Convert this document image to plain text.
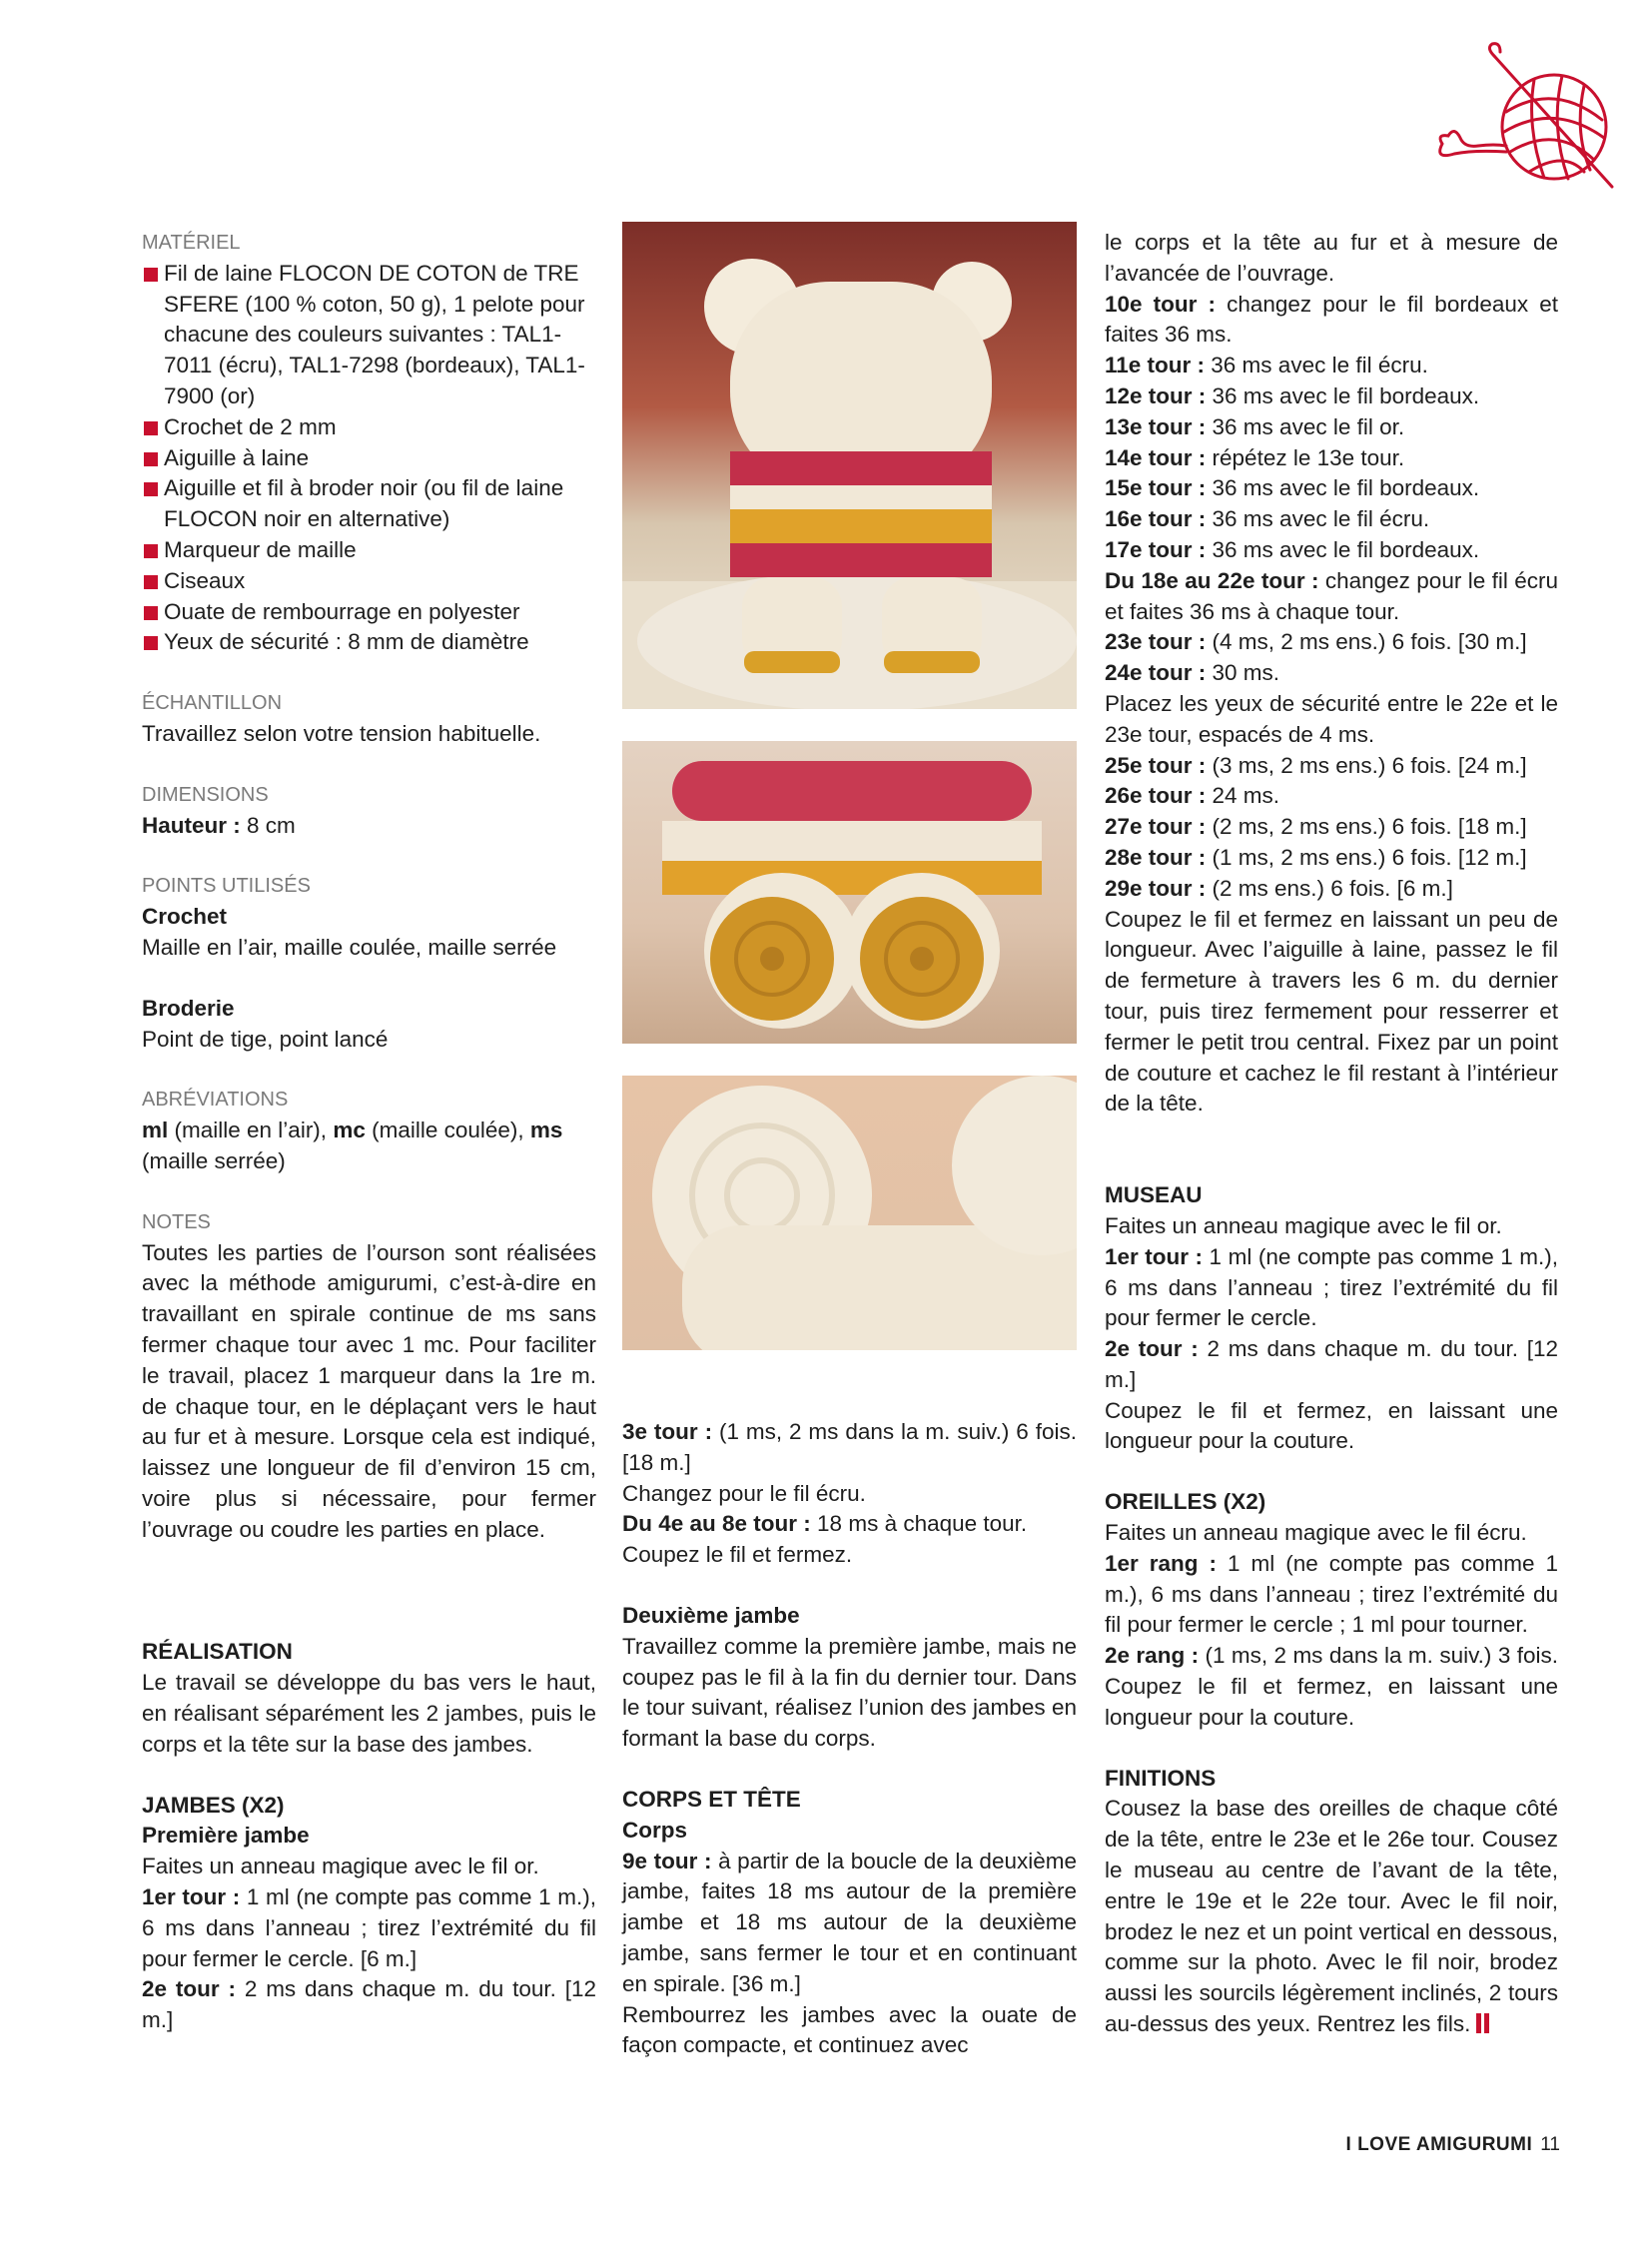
MATÉRIEL

Fil de laine FLOCON DE COTON de TRE SFERE (100 % coton, 50 g), 1 pelote pour chacune des couleurs suivantes : TAL1-7011 (écru), TAL1-7298 (bordeaux), TAL1-7900 (or)

Crochet de 2 mm

Aiguille à laine

Aiguille et fil à broder noir (ou fil de laine FLOCON noir en alternative)

Marqueur de maille

Ciseaux

Ouate de rembourrage en polyester

Yeux de sécurité : 8 mm de diamètre

ÉCHANTILLON

Travaillez selon votre tension habituelle.

DIMENSIONS

Hauteur : 8 cm

POINTS UTILISÉS

Crochet

Maille en l’air, maille coulée, maille serrée

Broderie

Point de tige, point lancé

ABRÉVIATIONS

ml (maille en l’air), mc (maille coulée), ms (maille serrée)

NOTES

Toutes les parties de l’ourson sont réalisées avec la méthode amigurumi, c’est-à-dire en travaillant en spirale continue de ms sans fermer chaque tour avec 1 mc. Pour faciliter le travail, placez 1 marqueur dans la 1re m. de chaque tour, en le déplaçant vers le haut au fur et à mesure. Lorsque cela est indiqué, laissez une longueur de fil d’environ 15 cm, voire plus si nécessaire, pour fermer l’ouvrage ou coudre les parties en place.

RÉALISATION

Le travail se développe du bas vers le haut, en réalisant séparément les 2 jambes, puis le corps et la tête sur la base des jambes.

JAMBES (X2)

Première jambe

Faites un anneau magique avec le fil or.

1er tour : 1 ml (ne compte pas comme 1 m.), 6 ms dans l’anneau ; tirez l’extrémité du fil pour fermer le cercle. [6 m.]

2e tour : 2 ms dans chaque m. du tour. [12 m.]

3e tour : (1 ms, 2 ms dans la m. suiv.) 6 fois. [18 m.]

Changez pour le fil écru.

Du 4e au 8e tour : 18 ms à chaque tour.

Coupez le fil et fermez.

Deuxième jambe

Travaillez comme la première jambe, mais ne coupez pas le fil à la fin du dernier tour. Dans le tour suivant, réalisez l’union des jambes en formant la base du corps.

CORPS ET TÊTE

Corps

9e tour : à partir de la boucle de la deuxième jambe, faites 18 ms autour de la première jambe et 18 ms autour de la deuxième jambe, sans fermer le tour et en continuant en spirale. [36 m.]

Rembourrez les jambes avec la ouate de façon compacte, et continuez avec

le corps et la tête au fur et à mesure de l’avancée de l’ouvrage.

10e tour : changez pour le fil bordeaux et faites 36 ms.

11e tour : 36 ms avec le fil écru.

12e tour : 36 ms avec le fil bordeaux.

13e tour : 36 ms avec le fil or.

14e tour : répétez le 13e tour.

15e tour : 36 ms avec le fil bordeaux.

16e tour : 36 ms avec le fil écru.

17e tour : 36 ms avec le fil bordeaux.

Du 18e au 22e tour : changez pour le fil écru et faites 36 ms à chaque tour.

23e tour : (4 ms, 2 ms ens.) 6 fois. [30 m.]

24e tour : 30 ms.

Placez les yeux de sécurité entre le 22e et le 23e tour, espacés de 4 ms.

25e tour : (3 ms, 2 ms ens.) 6 fois. [24 m.]

26e tour : 24 ms.

27e tour : (2 ms, 2 ms ens.) 6 fois. [18 m.]

28e tour : (1 ms, 2 ms ens.) 6 fois. [12 m.]

29e tour : (2 ms ens.) 6 fois. [6 m.]

Coupez le fil et fermez en laissant un peu de longueur. Avec l’aiguille à laine, passez le fil de fermeture à travers les 6 m. du dernier tour, puis tirez fermement pour resserrer et fermer le petit trou central. Fixez par un point de couture et cachez le fil restant à l’intérieur de la tête.

MUSEAU

Faites un anneau magique avec le fil or.

1er tour : 1 ml (ne compte pas comme 1 m.), 6 ms dans l’anneau ; tirez l’extrémité du fil pour fermer le cercle.

2e tour : 2 ms dans chaque m. du tour. [12 m.]

Coupez le fil et fermez, en laissant une longueur pour la couture.

OREILLES (X2)

Faites un anneau magique avec le fil écru.

1er rang : 1 ml (ne compte pas comme 1 m.), 6 ms dans l’anneau ; tirez l’extrémité du fil pour fermer le cercle ; 1 ml pour tourner.

2e rang : (1 ms, 2 ms dans la m. suiv.) 3 fois. Coupez le fil et fermez, en laissant une longueur pour la couture.

FINITIONS

Cousez la base des oreilles de chaque côté de la tête, entre le 23e et le 26e tour. Cousez le museau au centre de l’avant de la tête, entre le 19e et le 22e tour. Avec le fil noir, brodez le nez et un point vertical en dessous, comme sur la photo. Avec le fil noir, brodez aussi les sourcils légèrement inclinés, 2 tours au-dessus des yeux. Rentrez les fils.

I LOVE AMIGURUMI 11
